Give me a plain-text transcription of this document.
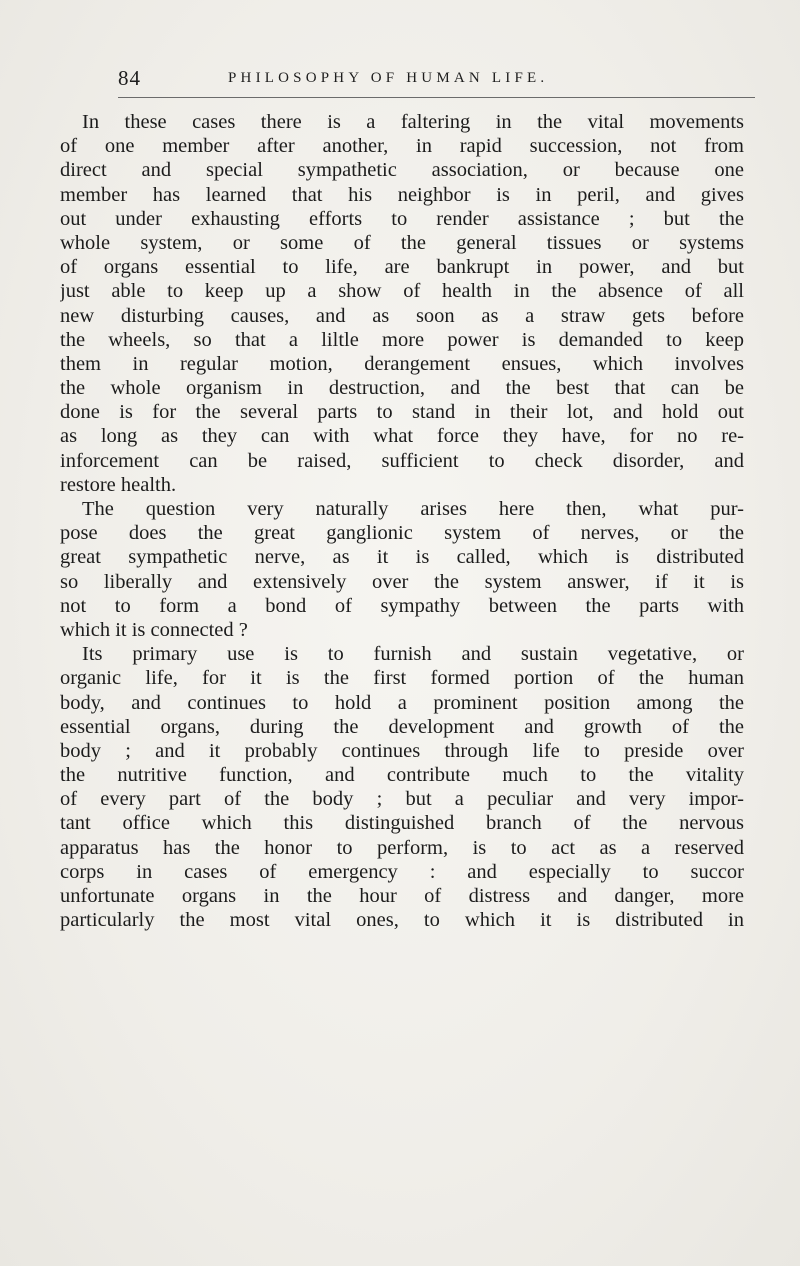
84	PHILOSOPHY OF HUMAN LIFE.
In these cases there is a faltering in the vital movements
of one member after another, in rapid succession, not from
direct and special sympathetic association, or because one
member has learned that his neighbor is in peril, and gives
out under exhausting efforts to render assistance ; but the
whole system, or some of the general tissues or systems
of organs essential to life, are bankrupt in power, and but
just able to keep up a show of health in the absence of all
new disturbing causes, and as soon as a straw gets before
the wheels, so that a liltle more power is demanded to keep
them in regular motion, derangement ensues, which involves
the whole organism in destruction, and the best that can be
done is for the several parts to stand in their lot, and hold out
as long as they can with what force they have, for no re-
inforcement can be raised, sufficient to check disorder, and
restore health.
The question very naturally arises here then, what pur-
pose does the great ganglionic system of nerves, or the
great sympathetic nerve, as it is called, which is distributed
so liberally and extensively over the system answer, if it is
not to form a bond of sympathy between the parts with
which it is connected ?
Its primary use is to furnish and sustain vegetative, or
organic life, for it is the first formed portion of the human
body, and continues to hold a prominent position among the
essential organs, during the development and growth of the
body ; and it probably continues through life to preside over
the nutritive function, and contribute much to the vitality
of every part of the body ; but a peculiar and very impor-
tant office which this distinguished branch of the nervous
apparatus has the honor to perform, is to act as a reserved
corps in cases of emergency : and especially to succor
unfortunate organs in the hour of distress and danger, more
particularly the most vital ones, to which it is distributed in
